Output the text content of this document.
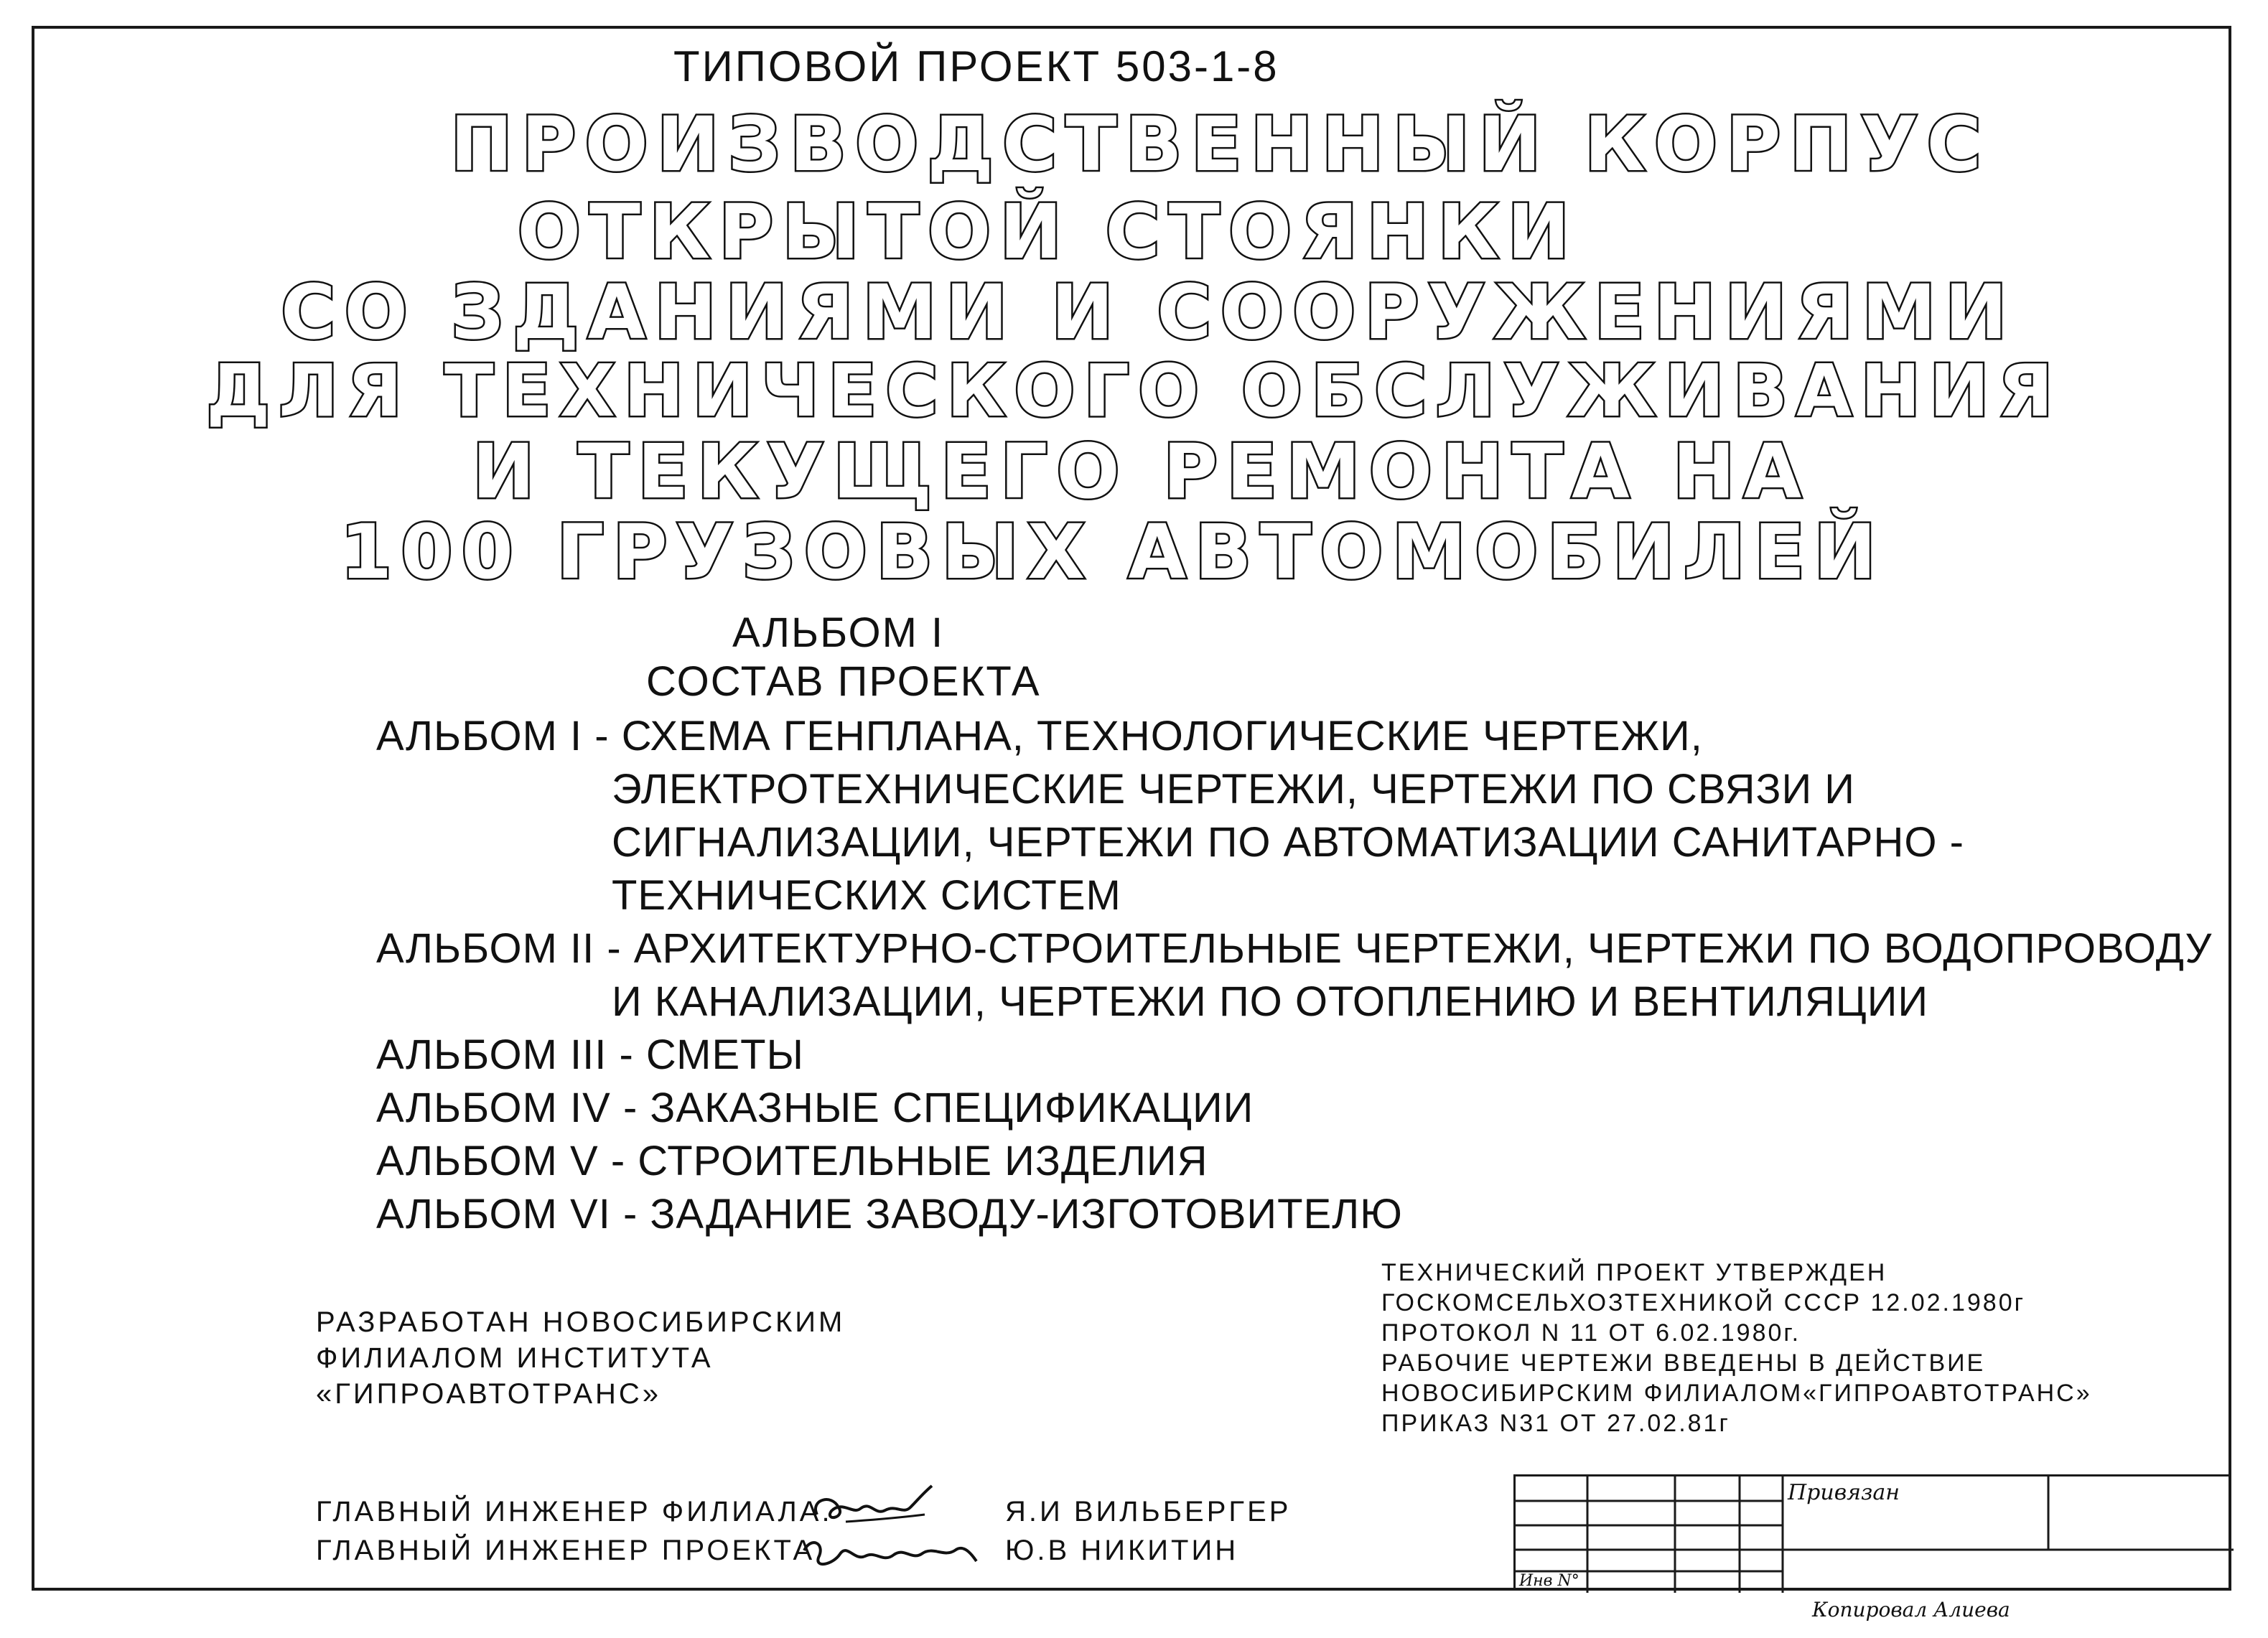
ТИПОВОЙ ПРОЕКТ 503-1-8
ПРОИЗВОДСТВЕННЫЙ КОРПУС
ОТКРЫТОЙ СТОЯНКИ
СО ЗДАНИЯМИ И СООРУЖЕНИЯМИ
ДЛЯ ТЕХНИЧЕСКОГО ОБСЛУЖИВАНИЯ
И ТЕКУЩЕГО РЕМОНТА НА
100 ГРУЗОВЫХ АВТОМОБИЛЕЙ
АЛЬБОМ I
СОСТАВ ПРОЕКТА
АЛЬБОМ I - СХЕМА ГЕНПЛАНА, ТЕХНОЛОГИЧЕСКИЕ ЧЕРТЕЖИ,
ЭЛЕКТРОТЕХНИЧЕСКИЕ ЧЕРТЕЖИ, ЧЕРТЕЖИ ПО СВЯЗИ И
СИГНАЛИЗАЦИИ, ЧЕРТЕЖИ ПО АВТОМАТИЗАЦИИ САНИТАРНО -
ТЕХНИЧЕСКИХ СИСТЕМ
АЛЬБОМ II - АРХИТЕКТУРНО-СТРОИТЕЛЬНЫЕ ЧЕРТЕЖИ, ЧЕРТЕЖИ ПО ВОДОПРОВОДУ
И КАНАЛИЗАЦИИ, ЧЕРТЕЖИ ПО ОТОПЛЕНИЮ И ВЕНТИЛЯЦИИ
АЛЬБОМ III - СМЕТЫ
АЛЬБОМ IV - ЗАКАЗНЫЕ СПЕЦИФИКАЦИИ
АЛЬБОМ V - СТРОИТЕЛЬНЫЕ ИЗДЕЛИЯ
АЛЬБОМ VI - ЗАДАНИЕ ЗАВОДУ-ИЗГОТОВИТЕЛЮ
РАЗРАБОТАН НОВОСИБИРСКИМ
ФИЛИАЛОМ ИНСТИТУТА
«ГИПРОАВТОТРАНС»
ТЕХНИЧЕСКИЙ ПРОЕКТ УТВЕРЖДЕН
ГОСКОМСЕЛЬХОЗТЕХНИКОЙ СССР 12.02.1980г
ПРОТОКОЛ N 11 ОТ 6.02.1980г.
РАБОЧИЕ ЧЕРТЕЖИ ВВЕДЕНЫ В ДЕЙСТВИЕ
НОВОСИБИРСКИМ ФИЛИАЛОМ«ГИПРОАВТОТРАНС»
ПРИКАЗ N31 ОТ 27.02.81г
ГЛАВНЫЙ ИНЖЕНЕР ФИЛИАЛА.	Я.И ВИЛЬБЕРГЕР
ГЛАВНЫЙ ИНЖЕНЕР ПРОЕКТА	Ю.В НИКИТИН
Привязан
Инв N°
Копировал Алиева
